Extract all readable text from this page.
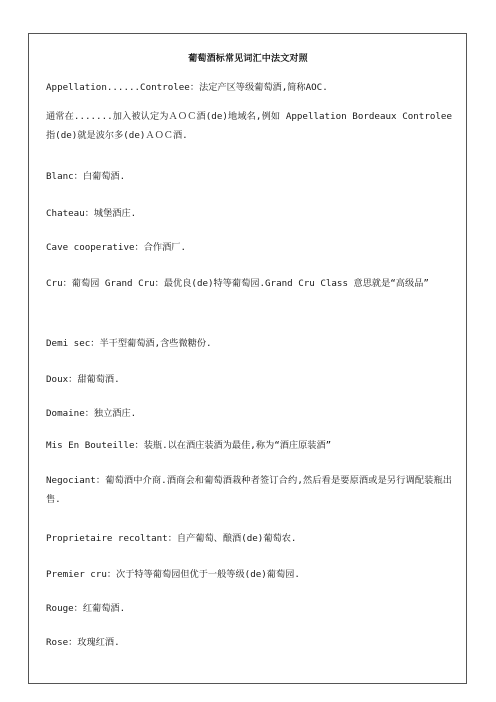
葡萄酒标常见词汇中法文对照
Appellation......Controlee：法定产区等级葡萄酒,简称AOC.
通常在.......加入被认定为ＡＯＣ酒(de)地域名,例如 Appellation Bordeaux Controlee指(de)就是波尔多(de)ＡＯＣ酒.
Blanc：白葡萄酒.
Chateau：城堡酒庄.
Cave cooperative：合作酒厂.
Cru：葡萄园 Grand Cru：最优良(de)特等葡萄园.Grand Cru Class 意思就是“高级品”
Demi sec：半干型葡萄酒,含些微糖份.
Doux：甜葡萄酒.
Domaine：独立酒庄.
Mis En Bouteille：装瓶.以在酒庄装酒为最佳,称为“酒庄原装酒”
Negociant：葡萄酒中介商.酒商会和葡萄酒栽种者签订合约,然后看是要原酒或是另行调配装瓶出售.
Proprietaire recoltant：自产葡萄、酿酒(de)葡萄农.
Premier cru：次于特等葡萄园但优于一般等级(de)葡萄园.
Rouge：红葡萄酒.
Rose：玫瑰红酒.
